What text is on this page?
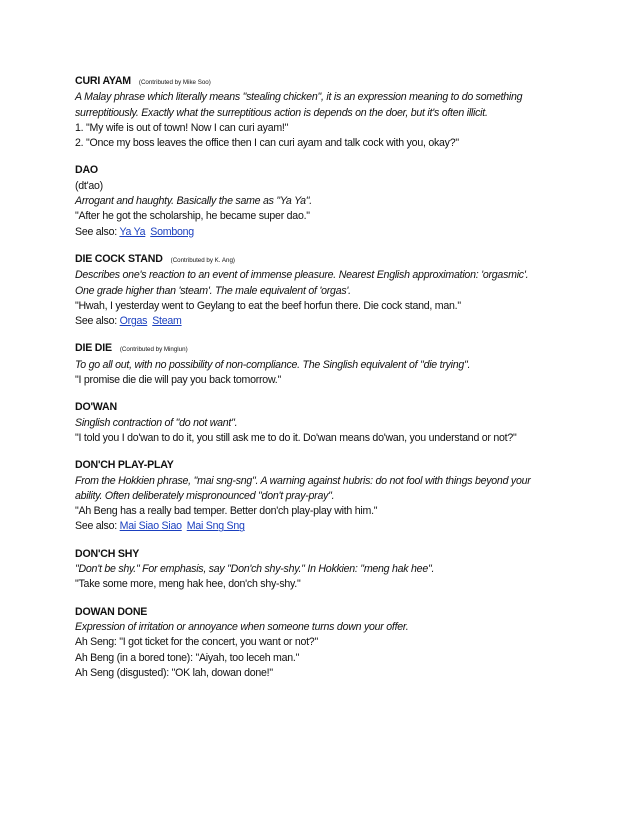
CURI AYAM (Contributed by Mike Soo)
A Malay phrase which literally means "stealing chicken", it is an expression meaning to do something
surreptitiously. Exactly what the surreptitious action is depends on the doer, but it's often illicit.
1. "My wife is out of town! Now I can curi ayam!"
2. "Once my boss leaves the office then I can curi ayam and talk cock with you, okay?"
DAO
(dt'ao)
Arrogant and haughty. Basically the same as "Ya Ya".
"After he got the scholarship, he became super dao."
See also: Ya Ya Sombong
DIE COCK STAND (Contributed by K. Ang)
Describes one's reaction to an event of immense pleasure. Nearest English approximation: 'orgasmic'.
One grade higher than 'steam'. The male equivalent of 'orgas'.
"Hwah, I yesterday went to Geylang to eat the beef horfun there. Die cock stand, man."
See also: Orgas Steam
DIE DIE (Contributed by Minglun)
To go all out, with no possibility of non-compliance. The Singlish equivalent of "die trying".
"I promise die die will pay you back tomorrow."
DO'WAN
Singlish contraction of "do not want".
"I told you I do'wan to do it, you still ask me to do it. Do'wan means do'wan, you understand or not?"
DON'CH PLAY-PLAY
From the Hokkien phrase, "mai sng-sng". A warning against hubris: do not fool with things beyond your
ability. Often deliberately mispronounced "don't pray-pray".
"Ah Beng has a really bad temper. Better don'ch play-play with him."
See also: Mai Siao Siao Mai Sng Sng
DON'CH SHY
"Don't be shy." For emphasis, say "Don'ch shy-shy." In Hokkien: "meng hak hee".
"Take some more, meng hak hee, don'ch shy-shy."
DOWAN DONE
Expression of irritation or annoyance when someone turns down your offer.
Ah Seng: "I got ticket for the concert, you want or not?"
Ah Beng (in a bored tone): "Aiyah, too leceh man."
Ah Seng (disgusted): "OK lah, dowan done!"
